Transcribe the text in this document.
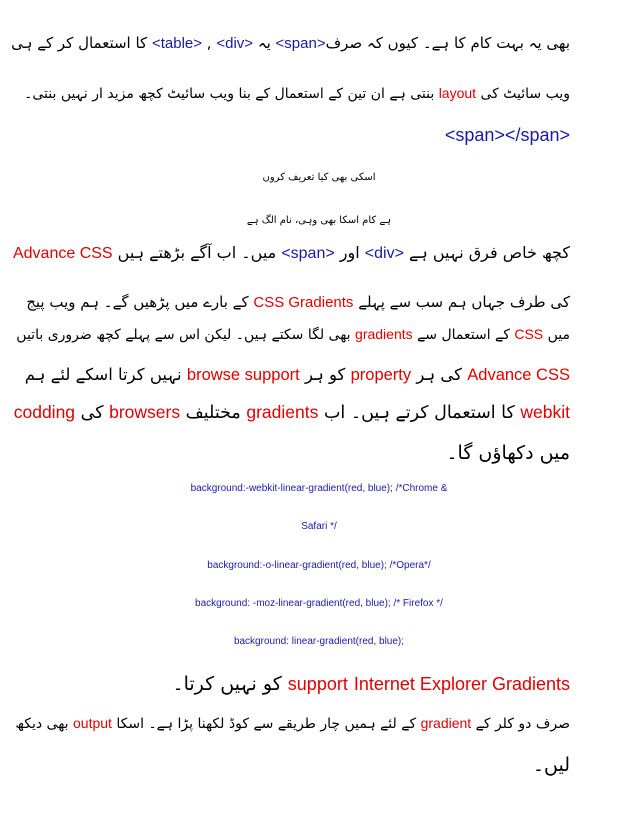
بھی یہ بہت کام کا ہے۔ کیوں کہ صرف<span> یہ <div> , <table> کا استعمال کر کے ہی
ویب سائیٹ کی layout بنتی ہے ان تین کے استعمال کے بنا ویب سائیٹ کچھ مزید ار نہیں بنتی۔
<span></span>
اسکی بھی کیا تعریف کروں
ہے کام اسکا بھی وہی، نام الگ ہے
کچھ خاص فرق نہیں ہے <div> اور <span> میں۔ اب آگے بڑھتے ہیں Advance CSS
کی طرف جہاں ہم سب سے پہلے CSS Gradients کے بارے میں پڑھیں گے۔ ہم ویب پیج
میں CSS کے استعمال سے gradients بھی لگا سکتے ہیں۔ لیکن اس سے پہلے کچھ ضروری باتیں
Advance CSS کی ہر property کو ہر browse support نہیں کرتا اسکے لئے ہم
webkit کا استعمال کرتے ہیں۔ اب gradients مختلیف browsers کی codding
میں دکھاؤں گا۔
background:-webkit-linear-gradient(red, blue); /*Chrome &
Safari */
background:-o-linear-gradient(red, blue); /*Opera*/
background: -moz-linear-gradient(red, blue); /* Firefox */
background: linear-gradient(red, blue);
Internet Explorer Gradients support کو نہیں کرتا۔
صرف دو کلر کے gradient کے لئے ہمیں چار طریقے سے کوڈ لکھنا پڑا ہے۔ اسکا output بھی دیکھ
لیں۔
